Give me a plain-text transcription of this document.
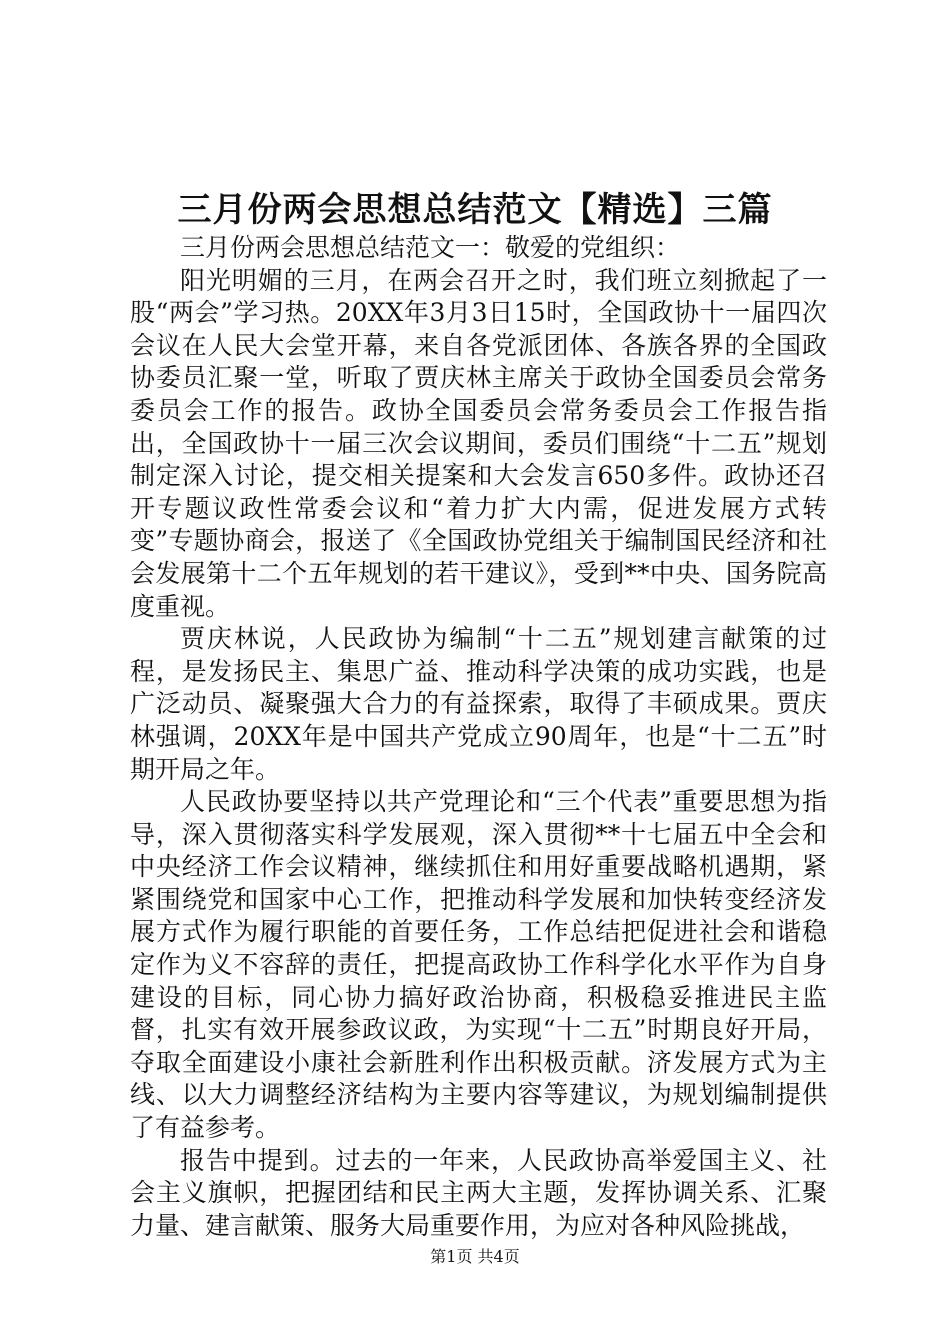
三月份两会思想总结范文【精选】三篇

三月份两会思想总结范文一：敬爱的党组织：

阳光明媚的三月，在两会召开之时，我们班立刻掀起了一股“两会”学习热。20XX年3月3日15时，全国政协十一届四次会议在人民大会堂开幕，来自各党派团体、各族各界的全国政协委员汇聚一堂，听取了贾庆林主席关于政协全国委员会常务委员会工作的报告。政协全国委员会常务委员会工作报告指出，全国政协十一届三次会议期间，委员们围绕“十二五”规划制定深入讨论，提交相关提案和大会发言650多件。政协还召开专题议政性常委会议和“着力扩大内需，促进发展方式转变”专题协商会，报送了《全国政协党组关于编制国民经济和社会发展第十二个五年规划的若干建议》，受到**中央、国务院高度重视。

贾庆林说，人民政协为编制“十二五”规划建言献策的过程，是发扬民主、集思广益、推动科学决策的成功实践，也是广泛动员、凝聚强大合力的有益探索，取得了丰硕成果。贾庆林强调，20XX年是中国共产党成立90周年，也是“十二五”时期开局之年。

人民政协要坚持以共产党理论和“三个代表”重要思想为指导，深入贯彻落实科学发展观，深入贯彻**十七届五中全会和中央经济工作会议精神，继续抓住和用好重要战略机遇期，紧紧围绕党和国家中心工作，把推动科学发展和加快转变经济发展方式作为履行职能的首要任务，工作总结把促进社会和谐稳定作为义不容辞的责任，把提高政协工作科学化水平作为自身建设的目标，同心协力搞好政治协商，积极稳妥推进民主监督，扎实有效开展参政议政，为实现“十二五”时期良好开局，夺取全面建设小康社会新胜利作出积极贡献。济发展方式为主线、以大力调整经济结构为主要内容等建议，为规划编制提供了有益参考。

报告中提到。过去的一年来，人民政协高举爱国主义、社会主义旗帜，把握团结和民主两大主题，发挥协调关系、汇聚力量、建言献策、服务大局重要作用，为应对各种风险挑战，

第1页 共4页
